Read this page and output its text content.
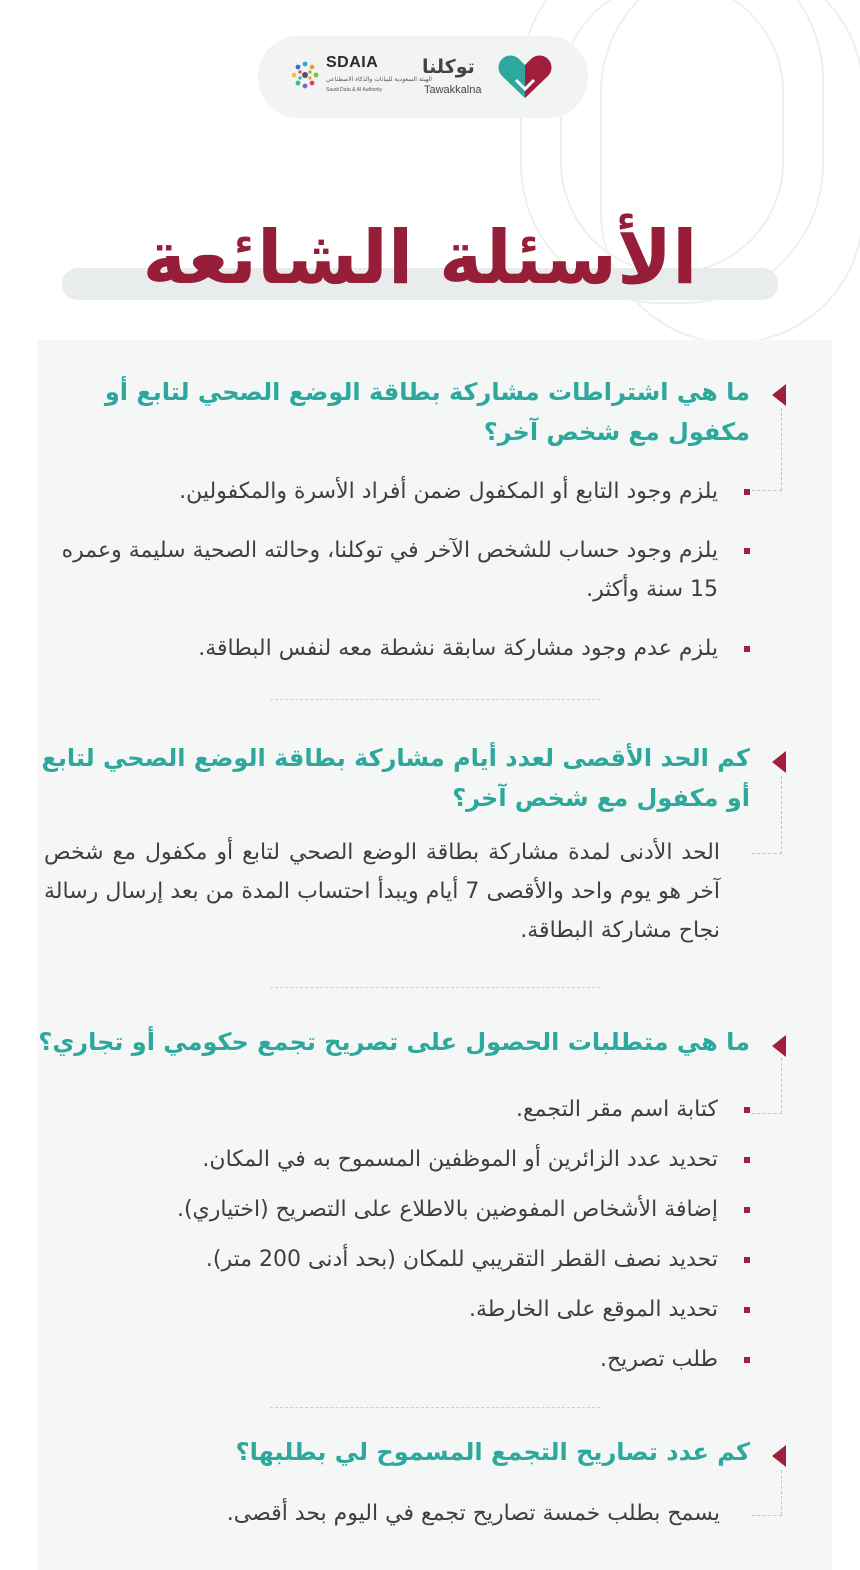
SDAIA
الهيئة السعودية للبيانات والذكاء الاصطناعي
Saudi Data & AI Authority
توكلنا
Tawakkalna
الأسئلة الشائعة
ما هي اشتراطات مشاركة بطاقة الوضع الصحي لتابع أو مكفول مع شخص آخر؟
يلزم وجود التابع أو المكفول ضمن أفراد الأسرة والمكفولين.
يلزم وجود حساب للشخص الآخر في توكلنا، وحالته الصحية سليمة وعمره 15 سنة وأكثر.
يلزم عدم وجود مشاركة سابقة نشطة معه لنفس البطاقة.
كم الحد الأقصى لعدد أيام مشاركة بطاقة الوضع الصحي لتابع أو مكفول مع شخص آخر؟
الحد الأدنى لمدة مشاركة بطاقة الوضع الصحي لتابع أو مكفول مع شخص آخر هو يوم واحد والأقصى 7 أيام ويبدأ احتساب المدة من بعد إرسال رسالة نجاح مشاركة البطاقة.
ما هي متطلبات الحصول على تصريح تجمع حكومي أو تجاري؟
كتابة اسم مقر التجمع.
تحديد عدد الزائرين أو الموظفين المسموح به في المكان.
إضافة الأشخاص المفوضين بالاطلاع على التصريح (اختياري).
تحديد نصف القطر التقريبي للمكان (بحد أدنى 200 متر).
تحديد الموقع على الخارطة.
طلب تصريح.
كم عدد تصاريح التجمع المسموح لي بطلبها؟
يسمح بطلب خمسة تصاريح تجمع في اليوم بحد أقصى.
